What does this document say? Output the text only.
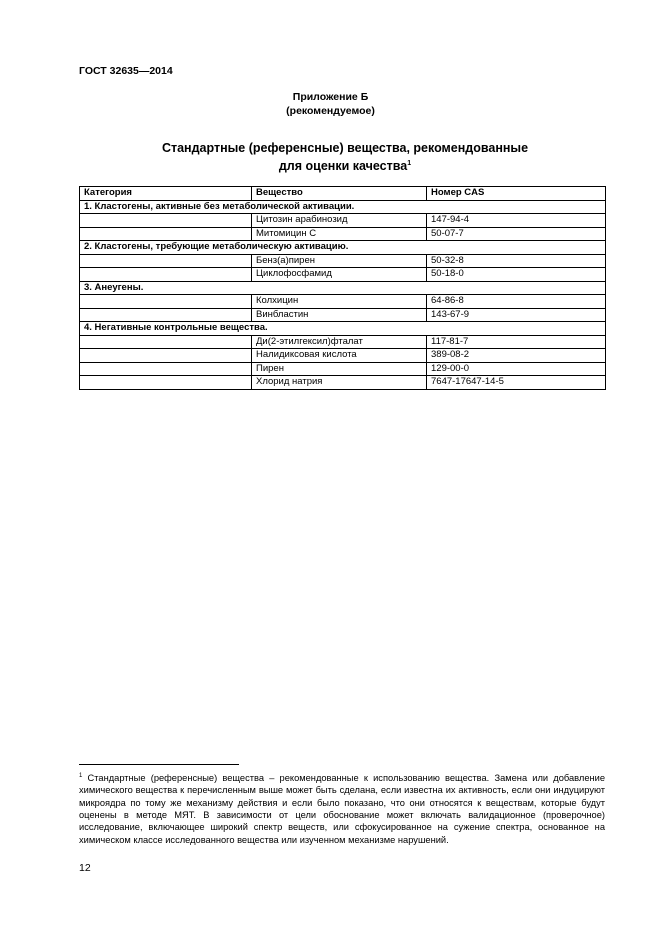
ГОСТ 32635—2014
Приложение Б
(рекомендуемое)
Стандартные (референсные) вещества, рекомендованные
для оценки качества$^1$
Категория	Вещество	Номер CAS
1. Кластогены, активные без метаболической активации.		
	Цитозин арабинозид	147-94-4
	Митомицин С	50-07-7
2. Кластогены, требующие метаболическую активацию.		
	Бенз(а)пирен	50-32-8
	Циклофосфамид	50-18-0
3. Анеугены.		
	Колхицин	64-86-8
	Винбластин	143-67-9
4. Негативные контрольные вещества.		
	Ди(2-этилгексил)фталат	117-81-7
	Налидиксовая кислота	389-08-2
	Пирен	129-00-0
	Хлорид натрия	7647-17647-14-5
$^1$ Стандартные (референсные) вещества – рекомендованные к использованию вещества. Замена или добавление химического вещества к перечисленным выше может быть сделана, если известна их активность, если они индуцируют микроядра по тому же механизму действия и если было показано, что они относятся к веществам, которые будут оценены в методе МЯТ. В зависимости от цели обоснование может включать валидационное (проверочное) исследование, включающее широкий спектр веществ, или сфокусированное на сужение спектра, основанное на химическом классе исследованного вещества или изученном механизме нарушений.
12
